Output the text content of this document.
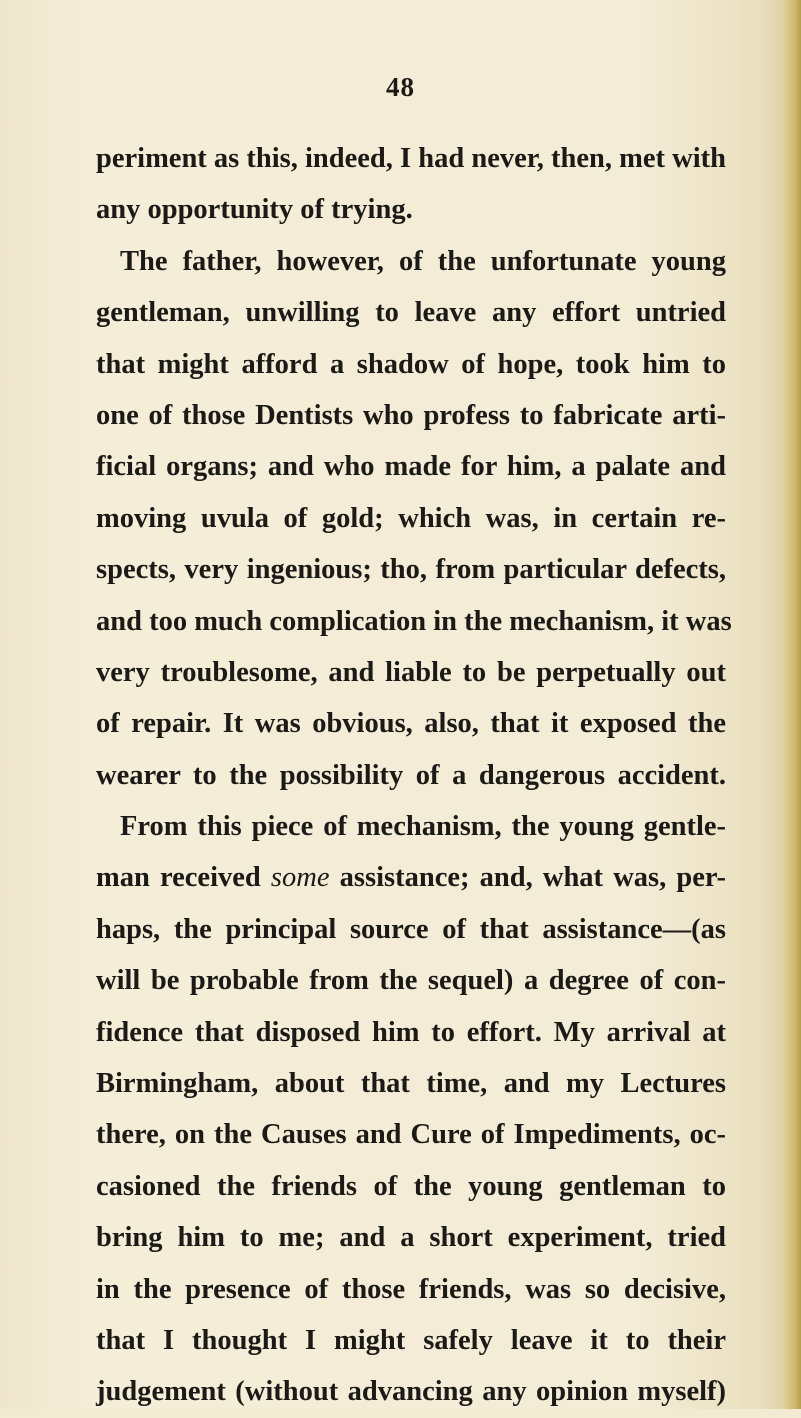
48
periment as this, indeed, I had never, then, met with
any opportunity of trying.
The father, however, of the unfortunate young
gentleman, unwilling to leave any effort untried
that might afford a shadow of hope, took him to
one of those Dentists who profess to fabricate arti-
ficial organs; and who made for him, a palate and
moving uvula of gold; which was, in certain re-
spects, very ingenious; tho, from particular defects,
and too much complication in the mechanism, it was
very troublesome, and liable to be perpetually out
of repair. It was obvious, also, that it exposed the
wearer to the possibility of a dangerous accident.
From this piece of mechanism, the young gentle-
man received some assistance; and, what was, per-
haps, the principal source of that assistance—(as
will be probable from the sequel) a degree of con-
fidence that disposed him to effort. My arrival at
Birmingham, about that time, and my Lectures
there, on the Causes and Cure of Impediments, oc-
casioned the friends of the young gentleman to
bring him to me; and a short experiment, tried
in the presence of those friends, was so decisive,
that I thought I might safely leave it to their
judgement (without advancing any opinion myself)
